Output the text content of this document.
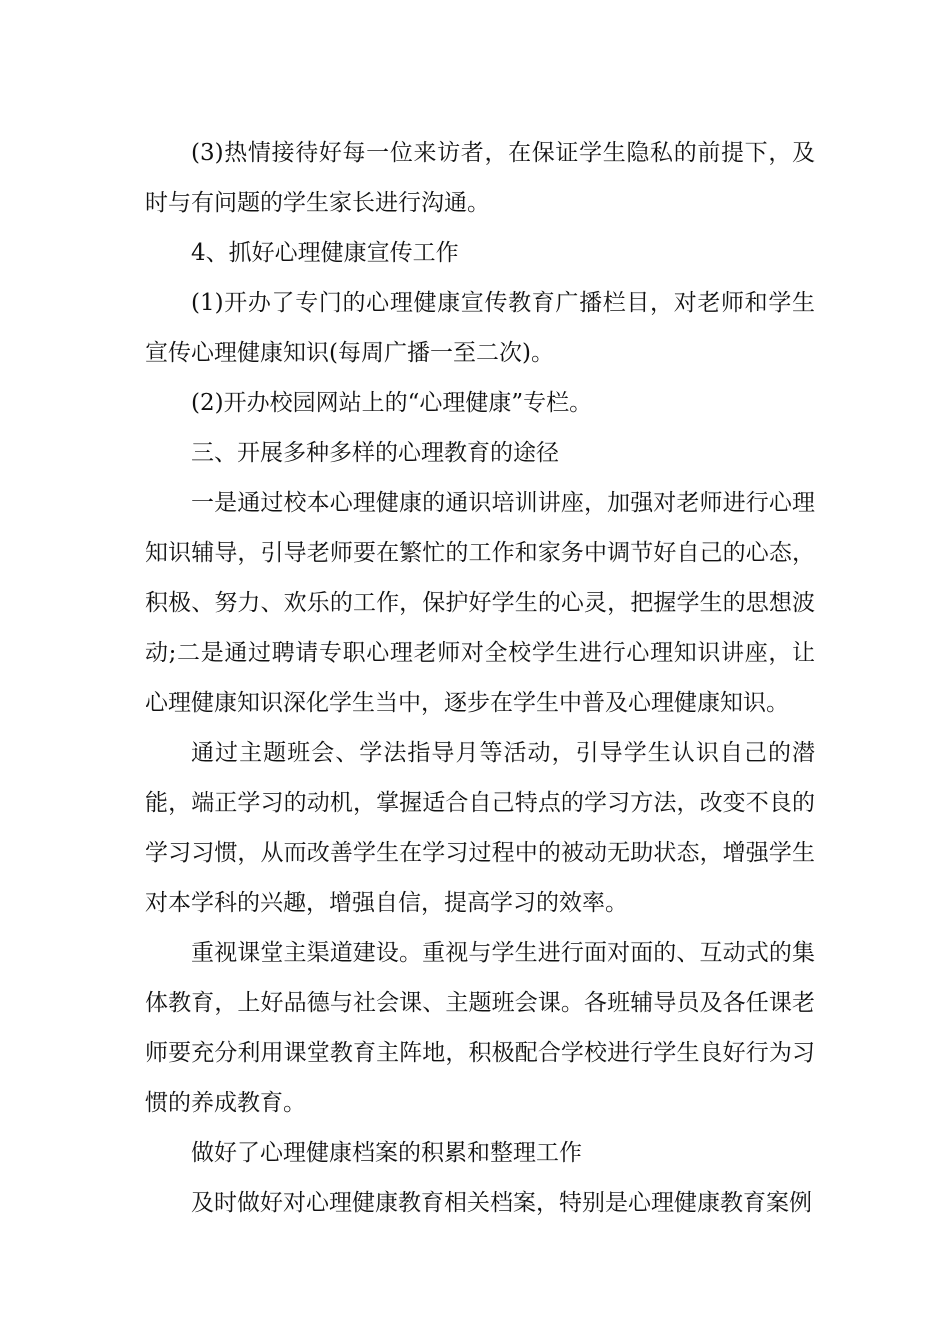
(3)热情接待好每一位来访者，在保证学生隐私的前提下，及时与有问题的学生家长进行沟通。

4、抓好心理健康宣传工作

(1)开办了专门的心理健康宣传教育广播栏目，对老师和学生宣传心理健康知识(每周广播一至二次)。

(2)开办校园网站上的“心理健康”专栏。

三、开展多种多样的心理教育的途径

一是通过校本心理健康的通识培训讲座，加强对老师进行心理知识辅导，引导老师要在繁忙的工作和家务中调节好自己的心态，积极、努力、欢乐的工作，保护好学生的心灵，把握学生的思想波动;二是通过聘请专职心理老师对全校学生进行心理知识讲座，让心理健康知识深化学生当中，逐步在学生中普及心理健康知识。

通过主题班会、学法指导月等活动，引导学生认识自己的潜能，端正学习的动机，掌握适合自己特点的学习方法，改变不良的学习习惯，从而改善学生在学习过程中的被动无助状态，增强学生对本学科的兴趣，增强自信，提高学习的效率。

重视课堂主渠道建设。重视与学生进行面对面的、互动式的集体教育，上好品德与社会课、主题班会课。各班辅导员及各任课老师要充分利用课堂教育主阵地，积极配合学校进行学生良好行为习惯的养成教育。

做好了心理健康档案的积累和整理工作

及时做好对心理健康教育相关档案，特别是心理健康教育案例
